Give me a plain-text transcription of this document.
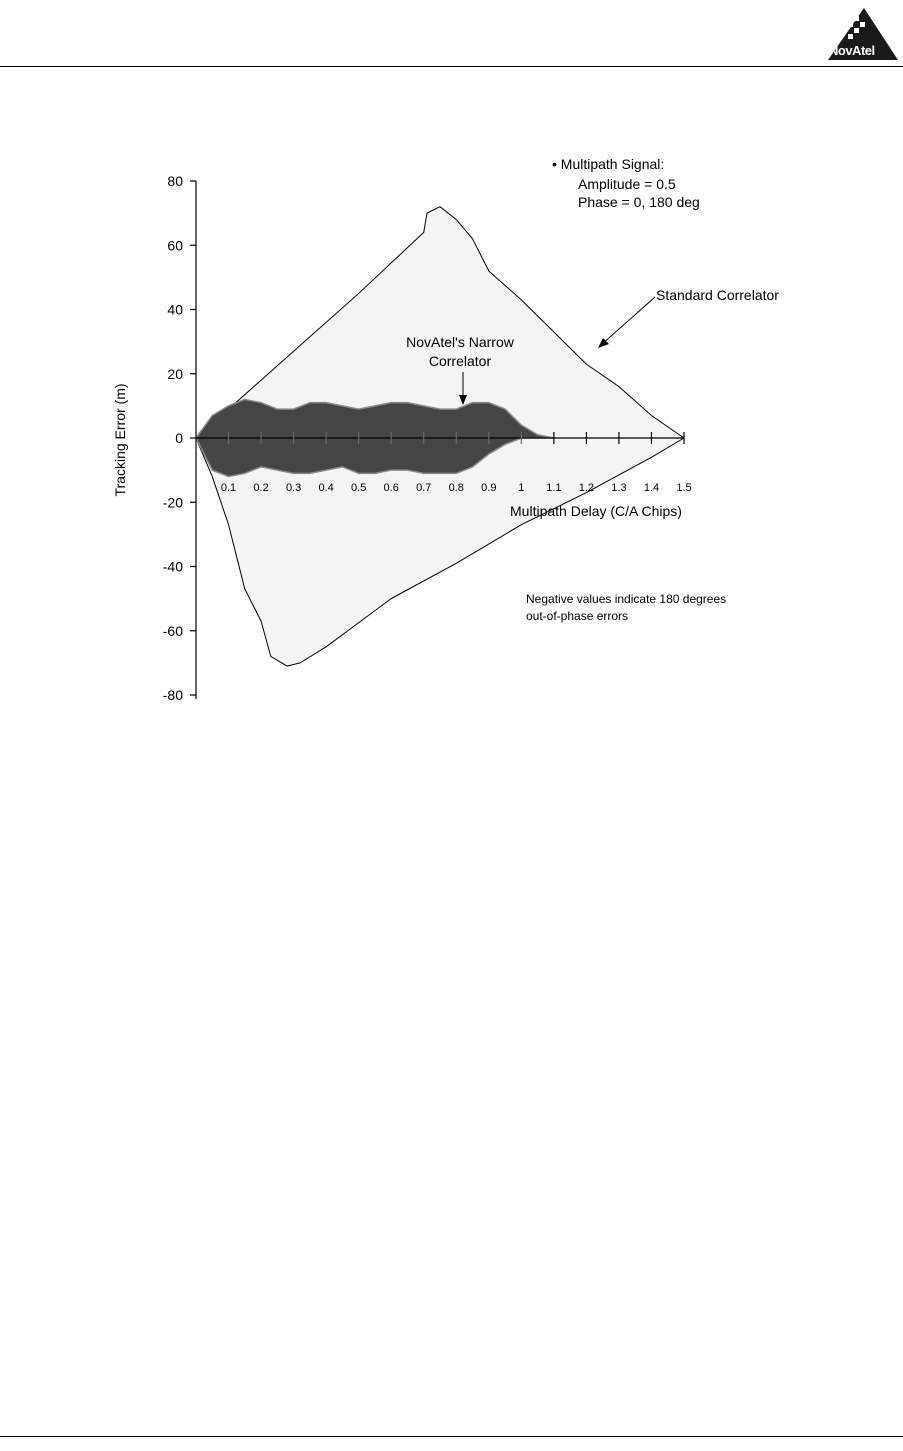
NovAtel
80
60
40
20
0
-20
-40
-60
-80
0.1 0.2 0.3 0.4 0.5 0.6 0.7 0.8 0.9 1 1.1 1.2 1.3 1.4 1.5
Tracking Error (m)
Multipath Delay (C/A Chips)
• Multipath Signal:
Amplitude = 0.5
Phase = 0, 180 deg
Standard Correlator
NovAtel's Narrow
Correlator
Negative values indicate 180 degrees
out-of-phase errors
